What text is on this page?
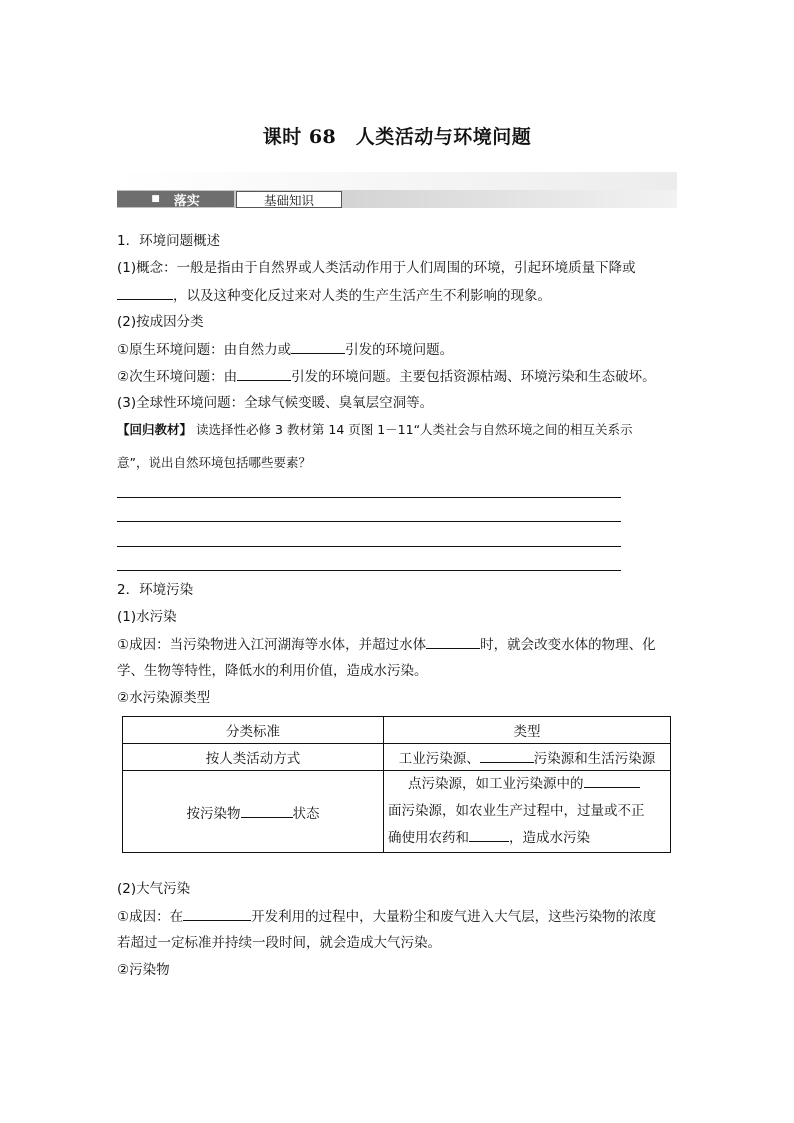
课时 68　人类活动与环境问题
■ 落实	基础知识
1．环境问题概述
(1)概念：一般是指由于自然界或人类活动作用于人们周围的环境，引起环境质量下降或
，以及这种变化反过来对人类的生产生活产生不利影响的现象。
(2)按成因分类
①原生环境问题：由自然力或	引发的环境问题。
②次生环境问题：由	引发的环境问题。主要包括资源枯竭、环境污染和生态破坏。
(3)全球性环境问题：全球气候变暖、臭氧层空洞等。
【回归教材】 读选择性必修 3 教材第 14 页图 1－11“人类社会与自然环境之间的相互关系示
意”，说出自然环境包括哪些要素？
2．环境污染
(1)水污染
①成因：当污染物进入江河湖海等水体，并超过水体	时，就会改变水体的物理、化
学、生物等特性，降低水的利用价值，造成水污染。
②水污染源类型
分类标准	类型
按人类活动方式	工业污染源、 污染源和生活污染源
按污染物 状态	点污染源，如工业污染源中的
面污染源，如农业生产过程中，过量或不正
确使用农药和 ，造成水污染
(2)大气污染
①成因：在	开发利用的过程中，大量粉尘和废气进入大气层，这些污染物的浓度
若超过一定标准并持续一段时间，就会造成大气污染。
②污染物
